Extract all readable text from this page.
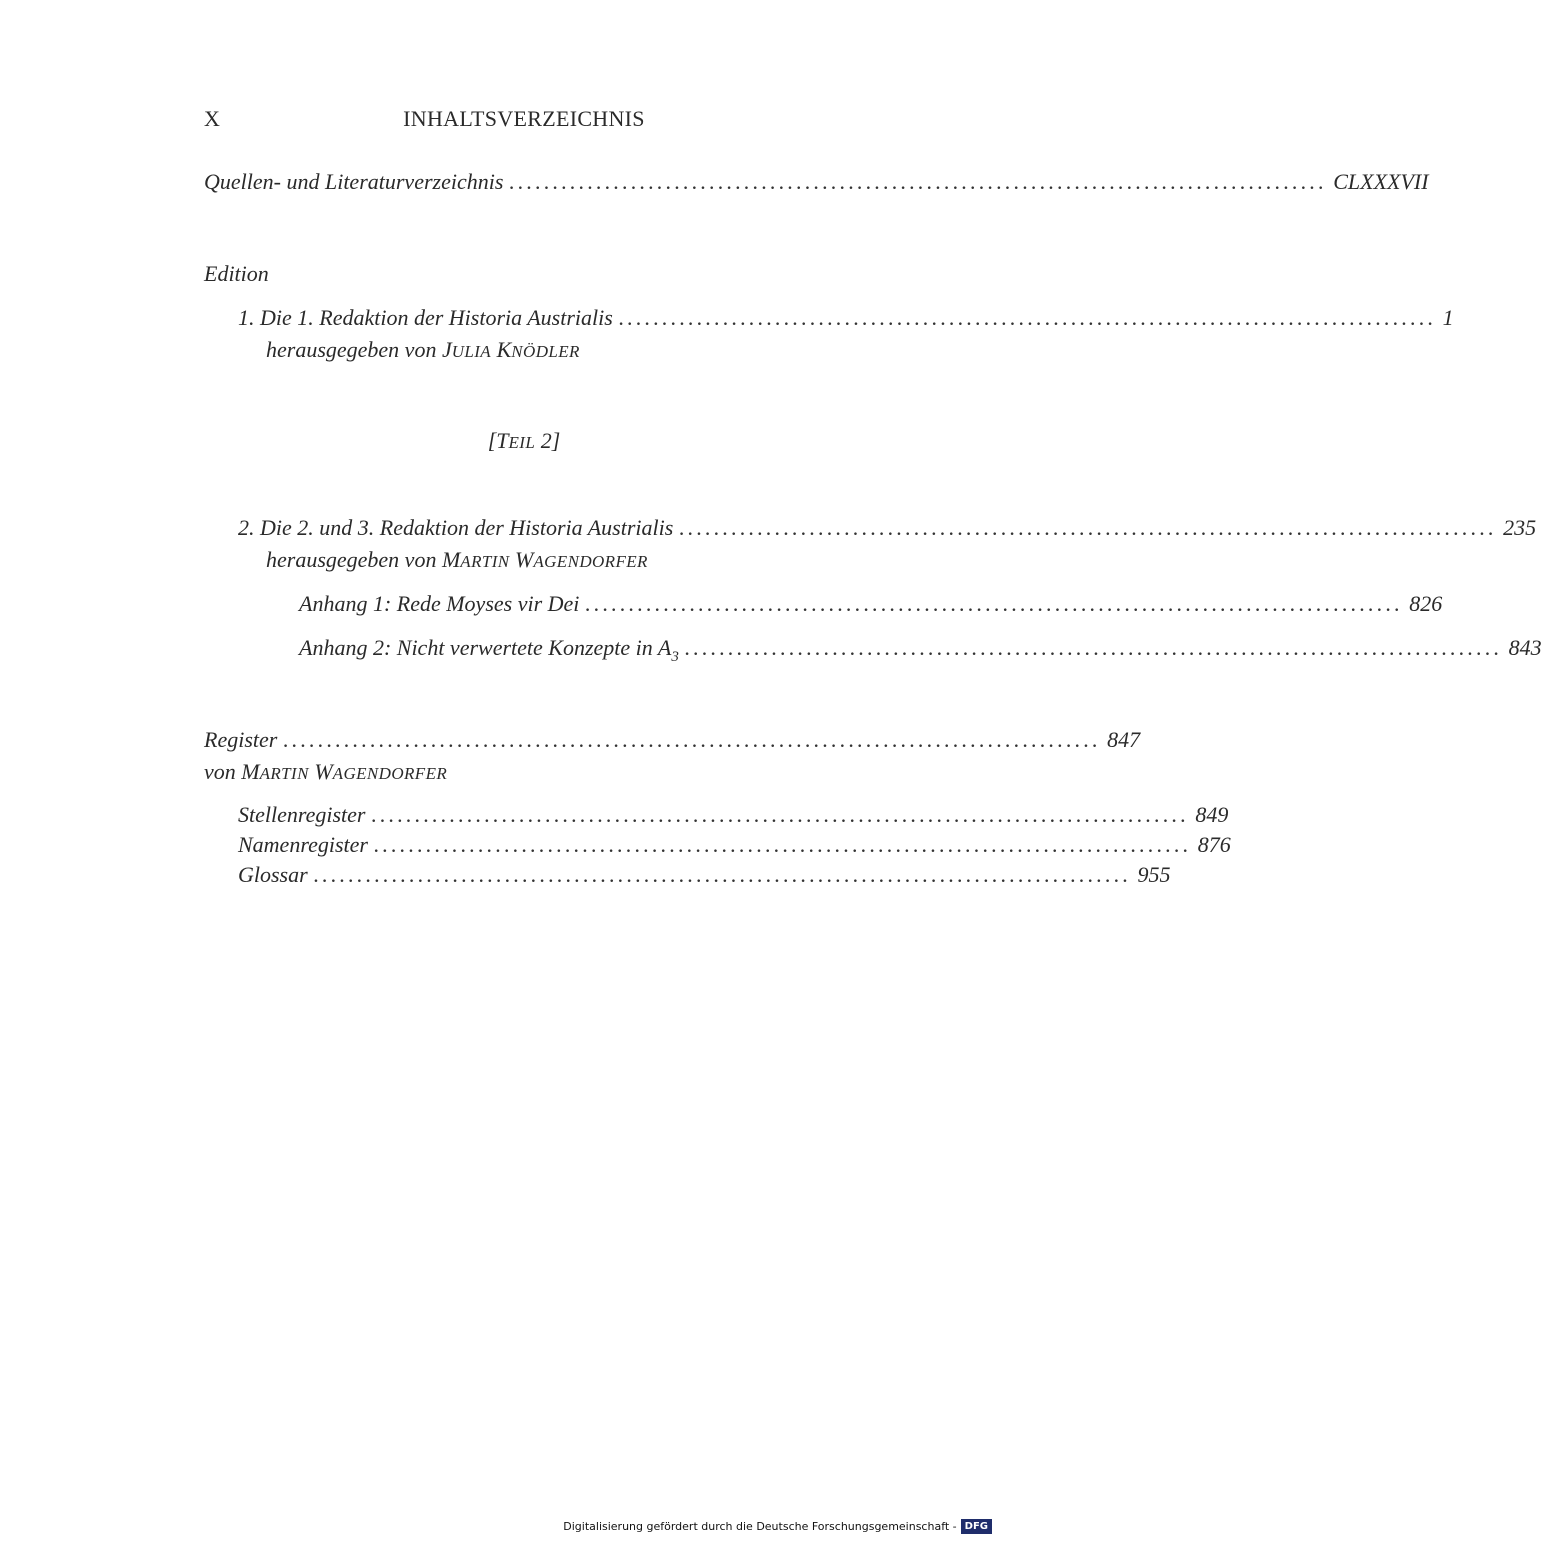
X	INHALTSVERZEICHNIS
Quellen- und Literaturverzeichnis .............................................................................................. CLXXXVII
Edition
1. Die 1. Redaktion der Historia Austrialis .............................................................................................. 1
herausgegeben von JULIA KNÖDLER
[TEIL 2]
2. Die 2. und 3. Redaktion der Historia Austrialis .............................................................................................. 235
herausgegeben von MARTIN WAGENDORFER
Anhang 1: Rede Moyses vir Dei .............................................................................................. 826
Anhang 2: Nicht verwertete Konzepte in $A_3$ .............................................................................................. 843
Register .............................................................................................. 847
von MARTIN WAGENDORFER
Stellenregister .............................................................................................. 849
Namenregister .............................................................................................. 876
Glossar .............................................................................................. 955
Digitalisierung gefördert durch die Deutsche Forschungsgemeinschaft - DFG
